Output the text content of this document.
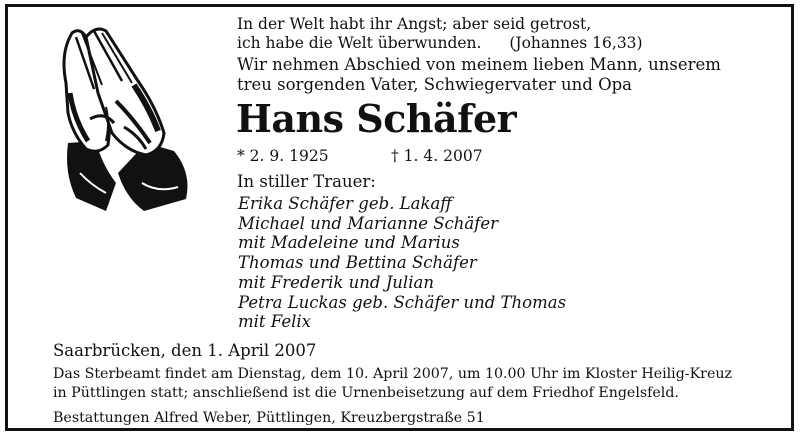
In der Welt habt ihr Angst; aber seid getrost,
ich habe die Welt überwunden. (Johannes 16,33)
Wir nehmen Abschied von meinem lieben Mann, unserem
treu sorgenden Vater, Schwiegervater und Opa
Hans Schäfer
* 2. 9. 1925	† 1. 4. 2007
In stiller Trauer:
Erika Schäfer geb. Lakaff
Michael und Marianne Schäfer
mit Madeleine und Marius
Thomas und Bettina Schäfer
mit Frederik und Julian
Petra Luckas geb. Schäfer und Thomas
mit Felix
Saarbrücken, den 1. April 2007
Das Sterbeamt findet am Dienstag, dem 10. April 2007, um 10.00 Uhr im Kloster Heilig-Kreuz
in Püttlingen statt; anschließend ist die Urnenbeisetzung auf dem Friedhof Engelsfeld.
Bestattungen Alfred Weber, Püttlingen, Kreuzbergstraße 51
